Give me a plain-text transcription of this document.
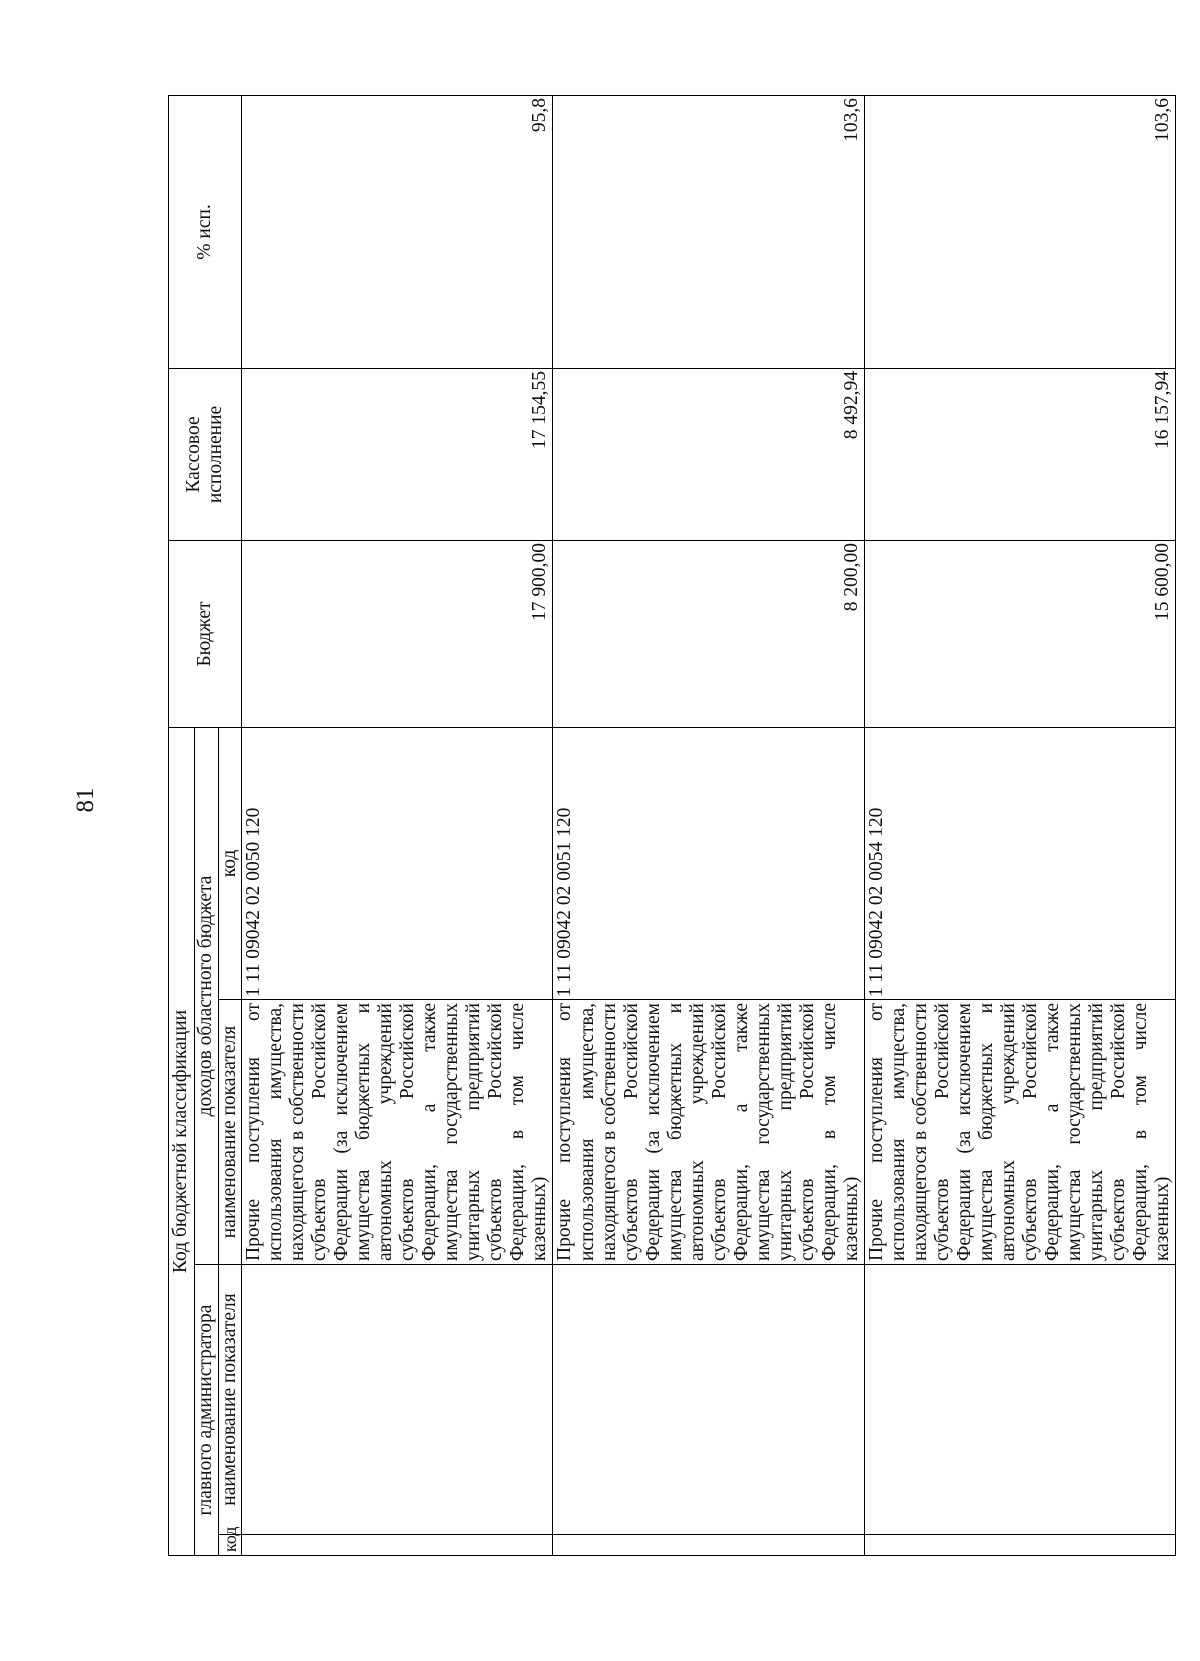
81
Код бюджетной классификации				Бюджет	Кассовое исполнение	% исп.
главного администратора		доходов областного бюджета				
код	наименование показателя	наименование показателя	код			
		Прочие поступления от использования имущества, находящегося в собственности субъектов Российской Федерации (за исключением имущества бюджетных и автономных учреждений субъектов Российской Федерации, а также имущества государственных унитарных предприятий субъектов Российской Федерации, в том числе казенных)	1 11 09042 02 0050 120	17 900,00	17 154,55	95,8
		Прочие поступления от использования имущества, находящегося в собственности субъектов Российской Федерации (за исключением имущества бюджетных и автономных учреждений субъектов Российской Федерации, а также имущества государственных унитарных предприятий субъектов Российской Федерации, в том числе казенных)	1 11 09042 02 0051 120	8 200,00	8 492,94	103,6
		Прочие поступления от использования имущества, находящегося в собственности субъектов Российской Федерации (за исключением имущества бюджетных и автономных учреждений субъектов Российской Федерации, а также имущества государственных унитарных предприятий субъектов Российской Федерации, в том числе казенных)	1 11 09042 02 0054 120	15 600,00	16 157,94	103,6
